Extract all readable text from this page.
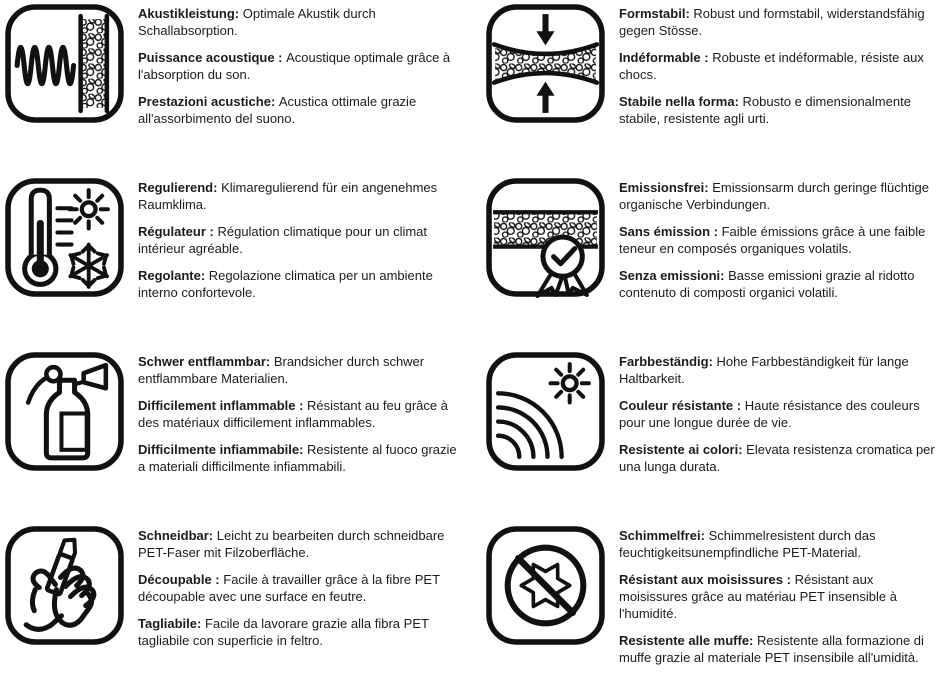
Akustikleistung: Optimale Akustik durch Schallabsorption.

Puissance acoustique : Acoustique optimale grâce à l'absorption du son.

Prestazioni acustiche: Acustica ottimale grazie all'assorbimento del suono.

Formstabil: Robust und formstabil, widerstandsfähig gegen Stösse.

Indéformable : Robuste et indéformable, résiste aux chocs.

Stabile nella forma: Robusto e dimensionalmente stabile, resistente agli urti.

Regulierend: Klimaregulierend für ein angenehmes Raumklima.

Régulateur : Régulation climatique pour un climat intérieur agréable.

Regolante: Regolazione climatica per un ambiente interno confortevole.

Emissionsfrei: Emissionsarm durch geringe flüchtige organische Verbindungen.

Sans émission : Faible émissions grâce à une faible teneur en composés organiques volatils.

Senza emissioni: Basse emissioni grazie al ridotto contenuto di composti organici volatili.

Schwer entflammbar: Brandsicher durch schwer entflammbare Materialien.

Difficilement inflammable : Résistant au feu grâce à des matériaux difficilement inflammables.

Difficilmente infiammabile: Resistente al fuoco grazie a materiali difficilmente infiammabili.

Farbbeständig: Hohe Farbbeständigkeit für lange Haltbarkeit.

Couleur résistante : Haute résistance des couleurs pour une longue durée de vie.

Resistente ai colori: Elevata resistenza cromatica per una lunga durata.

Schneidbar: Leicht zu bearbeiten durch schneidbare PET-Faser mit Filzoberfläche.

Découpable : Facile à travailler grâce à la fibre PET découpable avec une surface en feutre.

Tagliabile: Facile da lavorare grazie alla fibra PET tagliabile con superficie in feltro.

Schimmelfrei: Schimmelresistent durch das feuchtigkeitsunempfindliche PET-Material.

Résistant aux moisissures : Résistant aux moisissures grâce au matériau PET insensible à l'humidité.

Resistente alle muffe: Resistente alla formazione di muffe grazie al materiale PET insensibile all'umidità.
